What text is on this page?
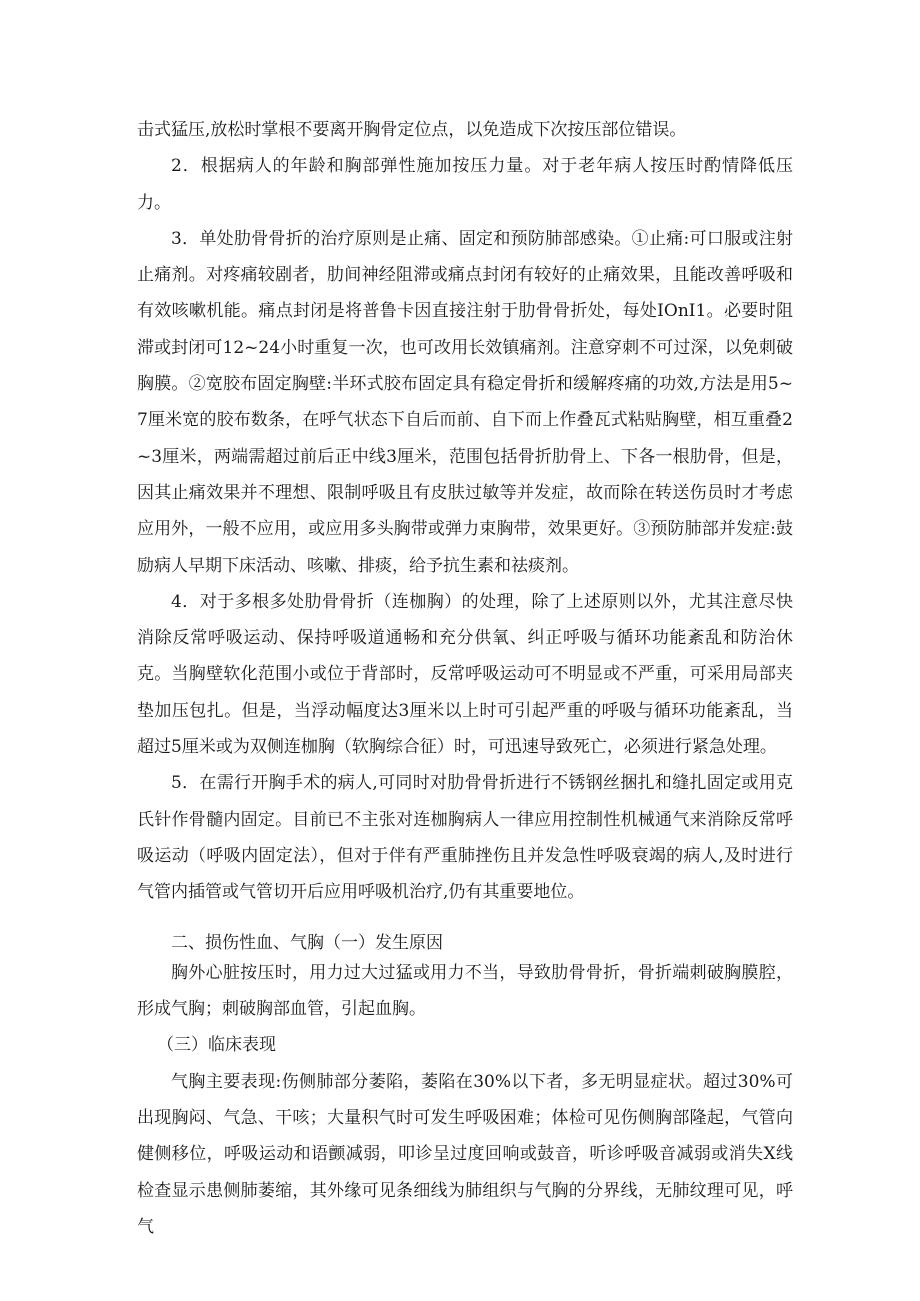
击式猛压,放松时掌根不要离开胸骨定位点，以免造成下次按压部位错误。

2．根据病人的年龄和胸部弹性施加按压力量。对于老年病人按压时酌情降低压力。

3．单处肋骨骨折的治疗原则是止痛、固定和预防肺部感染。①止痛:可口服或注射止痛剂。对疼痛较剧者，肋间神经阻滞或痛点封闭有较好的止痛效果，且能改善呼吸和有效咳嗽机能。痛点封闭是将普鲁卡因直接注射于肋骨骨折处，每处IOnI1。必要时阻滞或封闭可12~24小时重复一次，也可改用长效镇痛剂。注意穿刺不可过深，以免刺破胸膜。②宽胶布固定胸壁:半环式胶布固定具有稳定骨折和缓解疼痛的功效,方法是用5~7厘米宽的胶布数条，在呼气状态下自后而前、自下而上作叠瓦式粘贴胸壁，相互重叠2~3厘米，两端需超过前后正中线3厘米，范围包括骨折肋骨上、下各一根肋骨，但是，因其止痛效果并不理想、限制呼吸且有皮肤过敏等并发症，故而除在转送伤员时才考虑应用外，一般不应用，或应用多头胸带或弹力束胸带，效果更好。③预防肺部并发症:鼓励病人早期下床活动、咳嗽、排痰，给予抗生素和祛痰剂。

4．对于多根多处肋骨骨折（连枷胸）的处理，除了上述原则以外，尤其注意尽快消除反常呼吸运动、保持呼吸道通畅和充分供氧、纠正呼吸与循环功能紊乱和防治休克。当胸壁软化范围小或位于背部时，反常呼吸运动可不明显或不严重，可采用局部夹垫加压包扎。但是，当浮动幅度达3厘米以上时可引起严重的呼吸与循环功能紊乱，当超过5厘米或为双侧连枷胸（软胸综合征）时，可迅速导致死亡，必须进行紧急处理。

5．在需行开胸手术的病人,可同时对肋骨骨折进行不锈钢丝捆扎和缝扎固定或用克氏针作骨髓内固定。目前已不主张对连枷胸病人一律应用控制性机械通气来消除反常呼吸运动（呼吸内固定法），但对于伴有严重肺挫伤且并发急性呼吸衰竭的病人,及时进行气管内插管或气管切开后应用呼吸机治疗,仍有其重要地位。

二、损伤性血、气胸（一）发生原因

胸外心脏按压时，用力过大过猛或用力不当，导致肋骨骨折，骨折端刺破胸膜腔，形成气胸；刺破胸部血管，引起血胸。

（三）临床表现

气胸主要表现:伤侧肺部分萎陷，萎陷在30%以下者，多无明显症状。超过30%可出现胸闷、气急、干咳；大量积气时可发生呼吸困难；体检可见伤侧胸部隆起，气管向健侧移位，呼吸运动和语颤减弱，叩诊呈过度回响或鼓音，听诊呼吸音减弱或消失X线检查显示患侧肺萎缩，其外缘可见条细线为肺组织与气胸的分界线，无肺纹理可见，呼气
